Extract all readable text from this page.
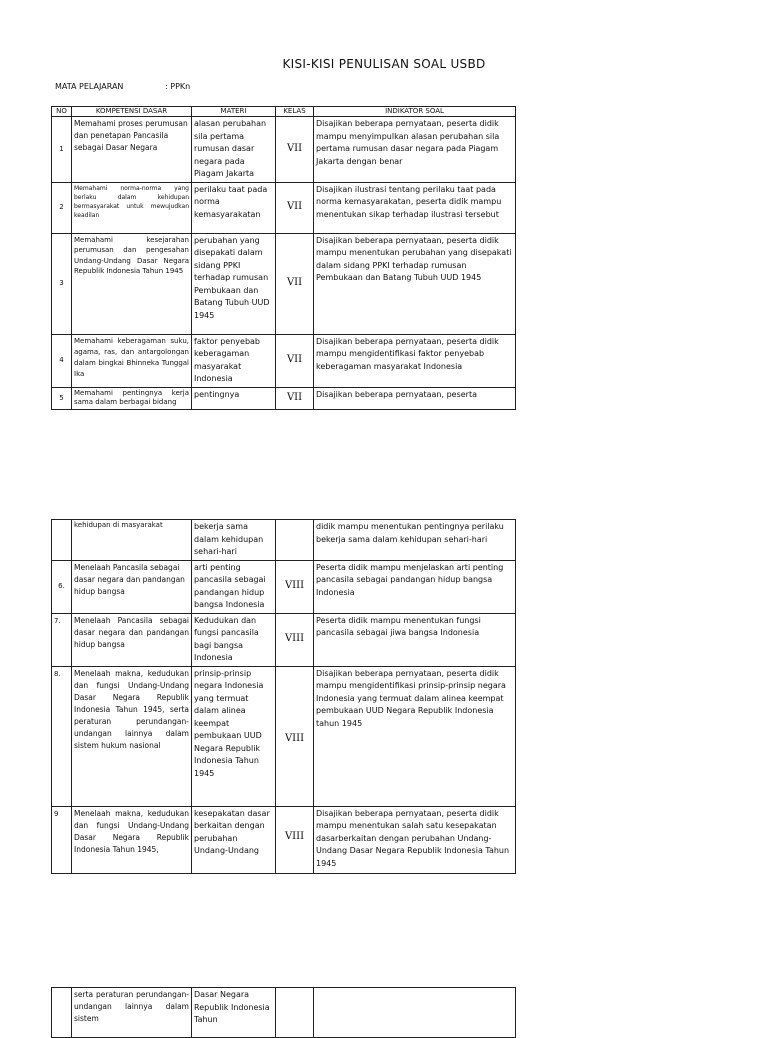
KISI-KISI PENULISAN SOAL USBD
MATA PELAJARAN	: PPKn
NO	KOMPETENSI DASAR	MATERI	KELAS	INDIKATOR SOAL
1	Memahami proses perumusan dan penetapan Pancasila sebagai Dasar Negara	alasan perubahan sila pertama rumusan dasar negara pada Piagam Jakarta	VII	Disajikan beberapa pernyataan, peserta didik mampu menyimpulkan alasan perubahan sila pertama rumusan dasar negara pada Piagam Jakarta dengan benar
2	Memahami norma-norma yang berlaku dalam kehidupan bermasyarakat untuk mewujudkan keadilan	perilaku taat pada norma kemasyarakatan	VII	Disajikan ilustrasi tentang perilaku taat pada norma kemasyarakatan, peserta didik mampu menentukan sikap terhadap ilustrasi tersebut
3	Memahami kesejarahan perumusan dan pengesahan Undang-Undang Dasar Negara Republik Indonesia Tahun 1945	perubahan yang disepakati dalam sidang PPKI terhadap rumusan Pembukaan dan Batang Tubuh UUD 1945	VII	Disajikan beberapa pernyataan, peserta didik mampu menentukan perubahan yang disepakati dalam sidang PPKI terhadap rumusan Pembukaan dan Batang Tubuh UUD 1945
4	Memahami keberagaman suku, agama, ras, dan antargolongan dalam bingkai Bhinneka Tunggal Ika	faktor penyebab keberagaman masyarakat Indonesia	VII	Disajikan beberapa pernyataan, peserta didik mampu mengidentifikasi faktor penyebab keberagaman masyarakat Indonesia
5	Memahami pentingnya kerja sama dalam berbagai bidang	pentingnya	VII	Disajikan beberapa pernyataan, peserta
	kehidupan di masyarakat	bekerja sama dalam kehidupan sehari-hari		didik mampu menentukan pentingnya perilaku bekerja sama dalam kehidupan sehari-hari
6.	Menelaah Pancasila sebagai dasar negara dan pandangan hidup bangsa	arti penting pancasila sebagai pandangan hidup bangsa Indonesia	VIII	Peserta didik mampu menjelaskan arti penting pancasila sebagai pandangan hidup bangsa Indonesia
7.	Menelaah Pancasila sebagai dasar negara dan pandangan hidup bangsa	Kedudukan dan fungsi pancasila bagi bangsa Indonesia	VIII	Peserta didik mampu menentukan fungsi pancasila sebagai jiwa bangsa Indonesia
8.	Menelaah makna, kedudukan dan fungsi Undang-Undang Dasar Negara Republik Indonesia Tahun 1945, serta peraturan perundangan- undangan lainnya dalam sistem hukum nasional	prinsip-prinsip negara Indonesia yang termuat dalam alinea keempat pembukaan UUD Negara Republik Indonesia Tahun 1945	VIII	Disajikan beberapa pernyataan, peserta didik mampu mengidentifikasi prinsip-prinsip negara Indonesia yang termuat dalam alinea keempat pembukaan UUD Negara Republik Indonesia tahun 1945
9	Menelaah makna, kedudukan dan fungsi Undang-Undang Dasar Negara Republik Indonesia Tahun 1945,	kesepakatan dasar berkaitan dengan perubahan Undang-Undang	VIII	Disajikan beberapa pernyataan, peserta didik mampu menentukan salah satu kesepakatan dasarberkaitan dengan perubahan Undang-Undang Dasar Negara Republik Indonesia Tahun 1945
	serta peraturan perundangan- undangan lainnya dalam sistem	Dasar Negara Republik Indonesia Tahun		
